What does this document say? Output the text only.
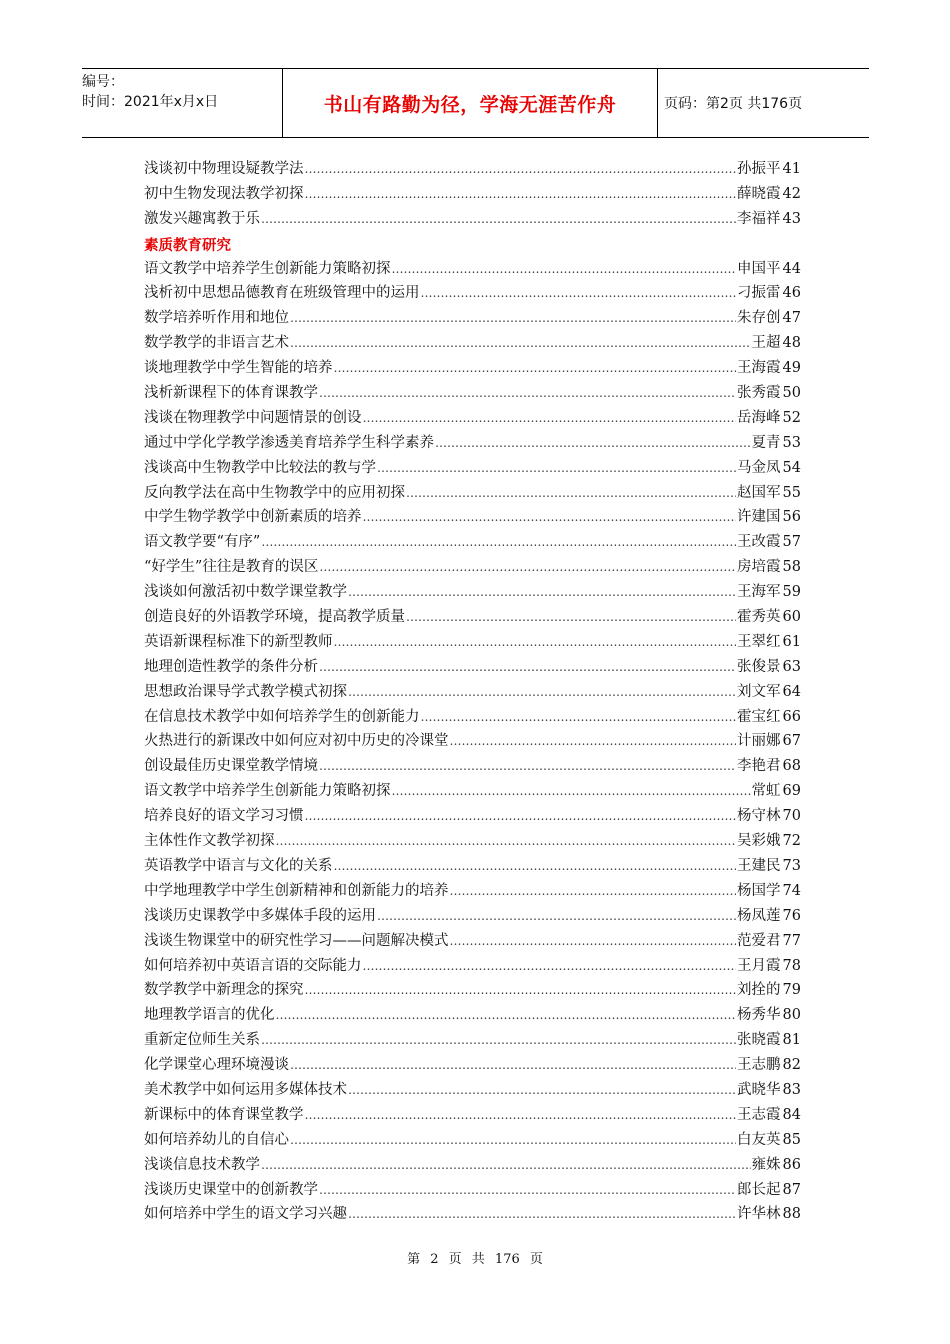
编号：
时间：2021年x月x日	书山有路勤为径，学海无涯苦作舟	页码：第2页 共176页
浅谈初中物理设疑教学法 ………………………………………………………………………………………………………………………………………………………………	孙振平 41
初中生物发现法教学初探 ………………………………………………………………………………………………………………………………………………………………	薛晓霞 42
激发兴趣寓教于乐 ………………………………………………………………………………………………………………………………………………………………	李福祥 43
素质教育研究
语文教学中培养学生创新能力策略初探 ………………………………………………………………………………………………………………………………………………………………	申国平 44
浅析初中思想品德教育在班级管理中的运用 ………………………………………………………………………………………………………………………………………………………………	刁振雷 46
数学培养听作用和地位 ………………………………………………………………………………………………………………………………………………………………	朱存创 47
数学教学的非语言艺术 ………………………………………………………………………………………………………………………………………………………………	王超 48
谈地理教学中学生智能的培养 ………………………………………………………………………………………………………………………………………………………………	王海霞 49
浅析新课程下的体育课教学 ………………………………………………………………………………………………………………………………………………………………	张秀霞 50
浅谈在物理教学中问题情景的创设 ………………………………………………………………………………………………………………………………………………………………	岳海峰 52
通过中学化学教学渗透美育培养学生科学素养 ………………………………………………………………………………………………………………………………………………………………	夏青 53
浅谈高中生物教学中比较法的教与学 ………………………………………………………………………………………………………………………………………………………………	马金凤 54
反向教学法在高中生物教学中的应用初探 ………………………………………………………………………………………………………………………………………………………………	赵国军 55
中学生物学教学中创新素质的培养 ………………………………………………………………………………………………………………………………………………………………	许建国 56
语文教学要“有序” ………………………………………………………………………………………………………………………………………………………………	王改霞 57
“好学生”往往是教育的误区 ………………………………………………………………………………………………………………………………………………………………	房培霞 58
浅谈如何激活初中数学课堂教学 ………………………………………………………………………………………………………………………………………………………………	王海军 59
创造良好的外语教学环境，提高教学质量 ………………………………………………………………………………………………………………………………………………………………	霍秀英 60
英语新课程标准下的新型教师 ………………………………………………………………………………………………………………………………………………………………	王翠红 61
地理创造性教学的条件分析 ………………………………………………………………………………………………………………………………………………………………	张俊景 63
思想政治课导学式教学模式初探 ………………………………………………………………………………………………………………………………………………………………	刘文军 64
在信息技术教学中如何培养学生的创新能力 ………………………………………………………………………………………………………………………………………………………………	霍宝红 66
火热进行的新课改中如何应对初中历史的冷课堂 ………………………………………………………………………………………………………………………………………………………………	计丽娜 67
创设最佳历史课堂教学情境 ………………………………………………………………………………………………………………………………………………………………	李艳君 68
语文教学中培养学生创新能力策略初探 ………………………………………………………………………………………………………………………………………………………………	常虹 69
培养良好的语文学习习惯 ………………………………………………………………………………………………………………………………………………………………	杨守林 70
主体性作文教学初探 ………………………………………………………………………………………………………………………………………………………………	吴彩娥 72
英语教学中语言与文化的关系 ………………………………………………………………………………………………………………………………………………………………	王建民 73
中学地理教学中学生创新精神和创新能力的培养 ………………………………………………………………………………………………………………………………………………………………	杨国学 74
浅谈历史课教学中多媒体手段的运用 ………………………………………………………………………………………………………………………………………………………………	杨凤莲 76
浅谈生物课堂中的研究性学习——问题解决模式 ………………………………………………………………………………………………………………………………………………………………	范爱君 77
如何培养初中英语言语的交际能力 ………………………………………………………………………………………………………………………………………………………………	王月霞 78
数学教学中新理念的探究 ………………………………………………………………………………………………………………………………………………………………	刘拴的 79
地理教学语言的优化 ………………………………………………………………………………………………………………………………………………………………	杨秀华 80
重新定位师生关系 ………………………………………………………………………………………………………………………………………………………………	张晓霞 81
化学课堂心理环境漫谈 ………………………………………………………………………………………………………………………………………………………………	王志鹏 82
美术教学中如何运用多媒体技术 ………………………………………………………………………………………………………………………………………………………………	武晓华 83
新课标中的体育课堂教学 ………………………………………………………………………………………………………………………………………………………………	王志霞 84
如何培养幼儿的自信心 ………………………………………………………………………………………………………………………………………………………………	白友英 85
浅谈信息技术教学 ………………………………………………………………………………………………………………………………………………………………	雍姝 86
浅谈历史课堂中的创新教学 ………………………………………………………………………………………………………………………………………………………………	郎长起 87
如何培养中学生的语文学习兴趣 ………………………………………………………………………………………………………………………………………………………………	许华林 88
第 2 页 共 176 页
